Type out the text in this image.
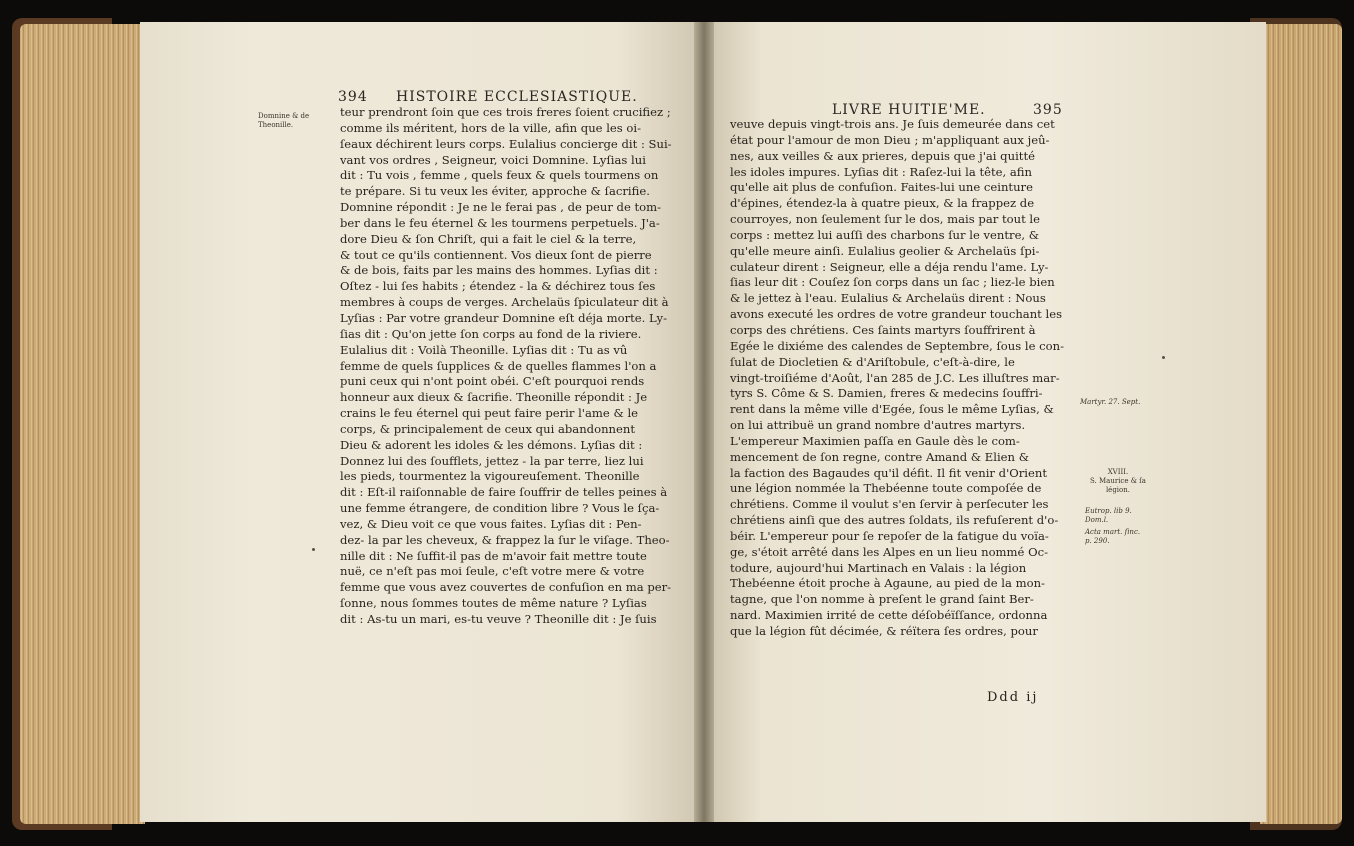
394 HISTOIRE ECCLESIASTIQUE.
Domnine & de
Theonille.
teur prendront ſoin que ces trois freres ſoient crucifiez ;
comme ils méritent, hors de la ville, afin que les oi-
ſeaux déchirent leurs corps. Eulalius concierge dit : Sui-
vant vos ordres , Seigneur, voici Domnine. Lyſias lui
dit : Tu vois , femme , quels feux & quels tourmens on
te prépare. Si tu veux les éviter, approche & ſacrifie.
Domnine répondit : Je ne le ferai pas , de peur de tom-
ber dans le feu éternel & les tourmens perpetuels. J'a-
dore Dieu & ſon Chriſt, qui a fait le ciel & la terre,
& tout ce qu'ils contiennent. Vos dieux ſont de pierre
& de bois, faits par les mains des hommes. Lyſias dit :
Oſtez - lui ſes habits ; étendez - la & déchirez tous ſes
membres à coups de verges. Archelaüs ſpiculateur dit à
Lyſias : Par votre grandeur Domnine eſt déja morte. Ly-
ſias dit : Qu'on jette ſon corps au fond de la riviere.
Eulalius dit : Voilà Theonille. Lyſias dit : Tu as vû
femme de quels ſupplices & de quelles flammes l'on a
puni ceux qui n'ont point obéi. C'eſt pourquoi rends
honneur aux dieux & ſacrifie. Theonille répondit : Je
crains le feu éternel qui peut faire perir l'ame & le
corps, & principalement de ceux qui abandonnent
Dieu & adorent les idoles & les démons. Lyſias dit :
Donnez lui des ſoufflets, jettez - la par terre, liez lui
les pieds, tourmentez la vigoureuſement. Theonille
dit : Eſt-il raiſonnable de faire ſouffrir de telles peines à
une femme étrangere, de condition libre ? Vous le ſça-
vez, & Dieu voit ce que vous faites. Lyſias dit : Pen-
dez- la par les cheveux, & frappez la ſur le viſage. Theo-
nille dit : Ne ſuffit-il pas de m'avoir fait mettre toute
nuë, ce n'eſt pas moi ſeule, c'eſt votre mere & votre
femme que vous avez couvertes de confuſion en ma per-
ſonne, nous ſommes toutes de même nature ? Lyſias
dit : As-tu un mari, es-tu veuve ? Theonille dit : Je ſuis
LIVRE HUITIE'ME.	395
veuve depuis vingt-trois ans. Je ſuis demeurée dans cet
état pour l'amour de mon Dieu ; m'appliquant aux jeû-
nes, aux veilles & aux prieres, depuis que j'ai quitté
les idoles impures. Lyſias dit : Raſez-lui la tête, afin
qu'elle ait plus de confuſion. Faites-lui une ceinture
d'épines, étendez-la à quatre pieux, & la frappez de
courroyes, non ſeulement ſur le dos, mais par tout le
corps : mettez lui auſſi des charbons ſur le ventre, &
qu'elle meure ainſi. Eulalius geolier & Archelaüs ſpi-
culateur dirent : Seigneur, elle a déja rendu l'ame. Ly-
ſias leur dit : Couſez ſon corps dans un ſac ; liez-le bien
& le jettez à l'eau. Eulalius & Archelaüs dirent : Nous
avons executé les ordres de votre grandeur touchant les
corps des chrétiens. Ces ſaints martyrs ſouffrirent à
Egée le dixiéme des calendes de Septembre, ſous le con-
ſulat de Diocletien & d'Ariſtobule, c'eſt-à-dire, le
vingt-troiſiéme d'Août, l'an 285 de J.C. Les illuſtres mar-
tyrs S. Côme & S. Damien, freres & medecins ſouffri-
rent dans la même ville d'Egée, ſous le même Lyſias, &
on lui attribuë un grand nombre d'autres martyrs.
L'empereur Maximien paſſa en Gaule dès le com-
mencement de ſon regne, contre Amand & Elien &
la faction des Bagaudes qu'il défit. Il fit venir d'Orient
une légion nommée la Thebéenne toute compoſée de
chrétiens. Comme il voulut s'en ſervir à perſecuter les
chrétiens ainſi que des autres ſoldats, ils refuſerent d'o-
béir. L'empereur pour ſe repoſer de la fatigue du voïa-
ge, s'étoit arrêté dans les Alpes en un lieu nommé Oc-
todure, aujourd'hui Martinach en Valais : la légion
Thebéenne étoit proche à Agaune, au pied de la mon-
tagne, que l'on nomme à preſent le grand ſaint Ber-
nard. Maximien irrité de cette déſobéïſſance, ordonna
que la légion fût décimée, & réïtera ſes ordres, pour
Martyr. 27. Sept.
XVIII.
S. Maurice & ſa
légion.
Eutrop. lib 9.
Dom.l.
Acta mart. ſinc.
p. 290.
Ddd ij
